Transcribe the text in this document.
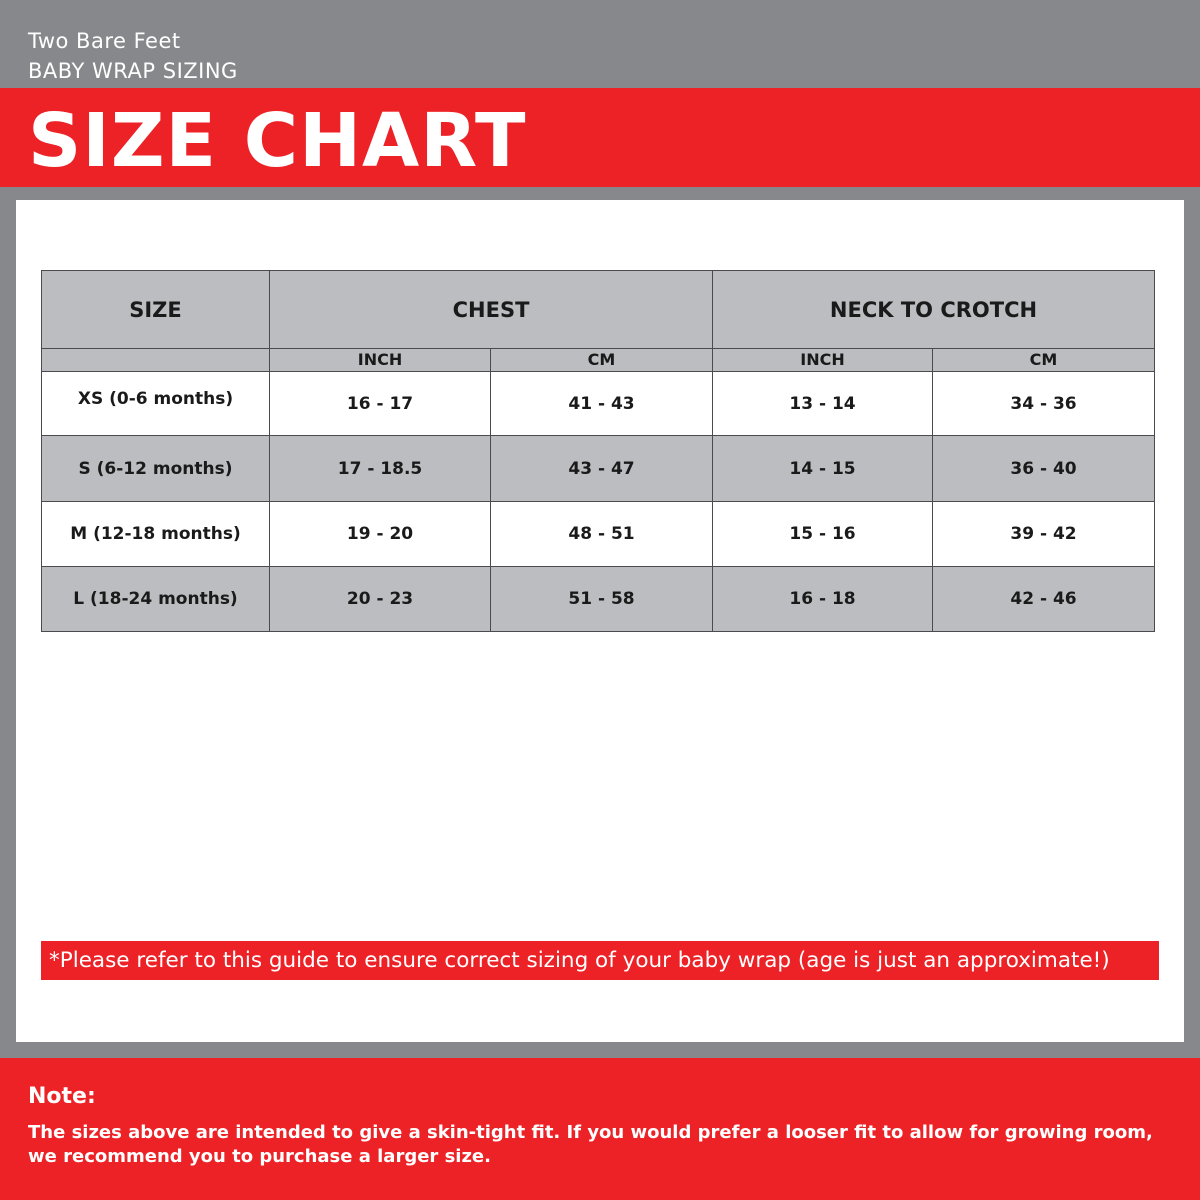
Two Bare Feet
BABY WRAP SIZING
SIZE CHART
SIZE	CHEST		NECK TO CROTCH	
	INCH	CM	INCH	CM
XS (0-6 months)	16 - 17	41 - 43	13 - 14	34 - 36
S (6-12 months)	17 - 18.5	43 - 47	14 - 15	36 - 40
M (12-18 months)	19 - 20	48 - 51	15 - 16	39 - 42
L (18-24 months)	20 - 23	51 - 58	16 - 18	42 - 46
*Please refer to this guide to ensure correct sizing of your baby wrap (age is just an approximate!)
Note:
The sizes above are intended to give a skin-tight fit. If you would prefer a looser fit to allow for growing room, we recommend you to purchase a larger size.
